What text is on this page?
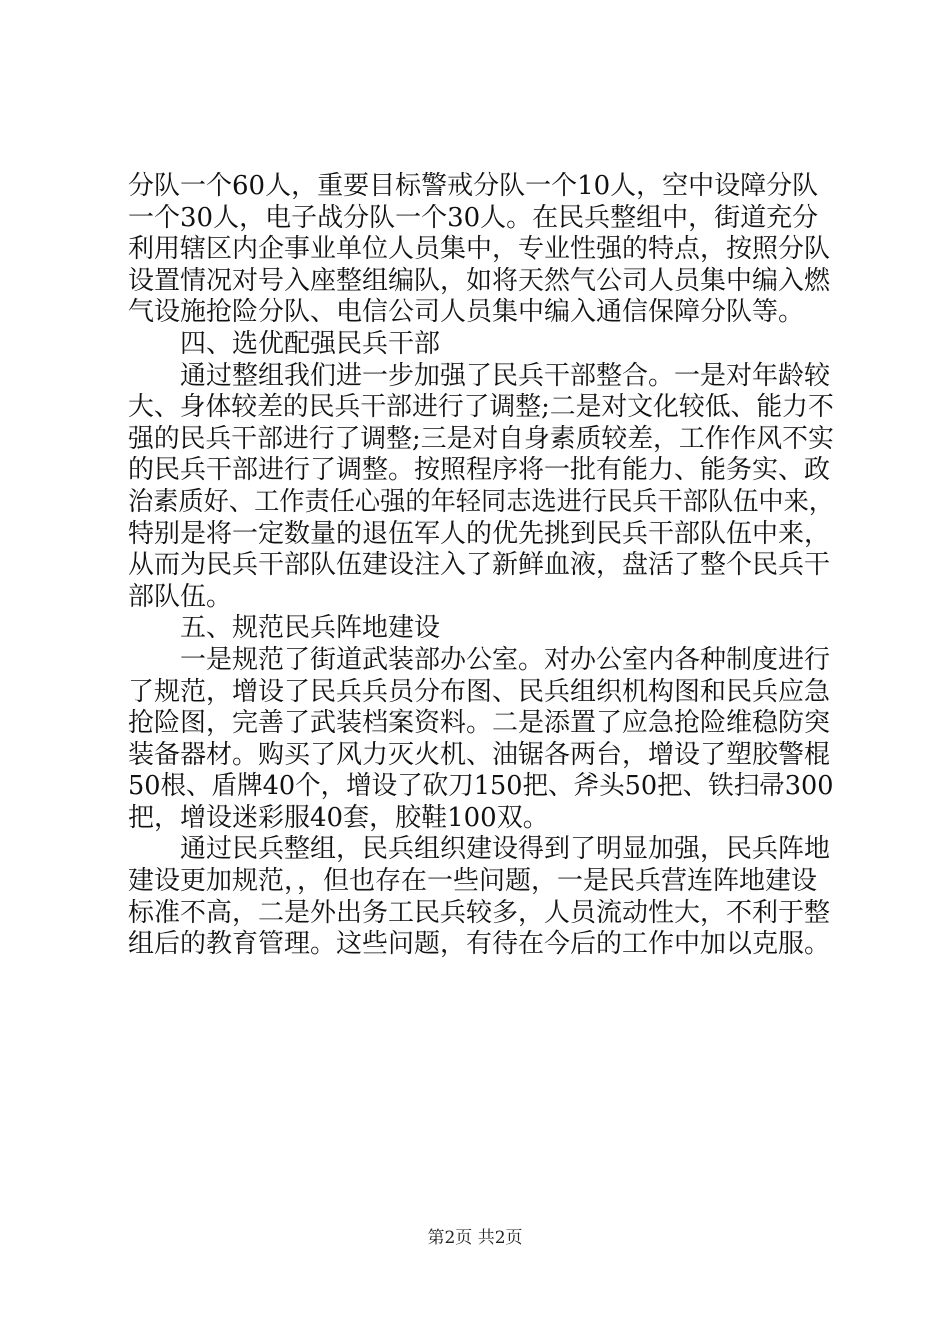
分队一个60人，重要目标警戒分队一个10人，空中设障分队
一个30人，电子战分队一个30人。在民兵整组中，街道充分
利用辖区内企事业单位人员集中，专业性强的特点，按照分队
设置情况对号入座整组编队，如将天然气公司人员集中编入燃
气设施抢险分队、电信公司人员集中编入通信保障分队等。
四、选优配强民兵干部
通过整组我们进一步加强了民兵干部整合。一是对年龄较
大、身体较差的民兵干部进行了调整;二是对文化较低、能力不
强的民兵干部进行了调整;三是对自身素质较差，工作作风不实
的民兵干部进行了调整。按照程序将一批有能力、能务实、政
治素质好、工作责任心强的年轻同志选进行民兵干部队伍中来，
特别是将一定数量的退伍军人的优先挑到民兵干部队伍中来，
从而为民兵干部队伍建设注入了新鲜血液，盘活了整个民兵干
部队伍。
五、规范民兵阵地建设
一是规范了街道武装部办公室。对办公室内各种制度进行
了规范，增设了民兵兵员分布图、民兵组织机构图和民兵应急
抢险图，完善了武装档案资料。二是添置了应急抢险维稳防突
装备器材。购买了风力灭火机、油锯各两台，增设了塑胶警棍
50根、盾牌40个，增设了砍刀150把、斧头50把、铁扫帚300
把，增设迷彩服40套，胶鞋100双。
通过民兵整组，民兵组织建设得到了明显加强，民兵阵地
建设更加规范，，但也存在一些问题，一是民兵营连阵地建设
标准不高，二是外出务工民兵较多，人员流动性大，不利于整
组后的教育管理。这些问题，有待在今后的工作中加以克服。
第2页 共2页
